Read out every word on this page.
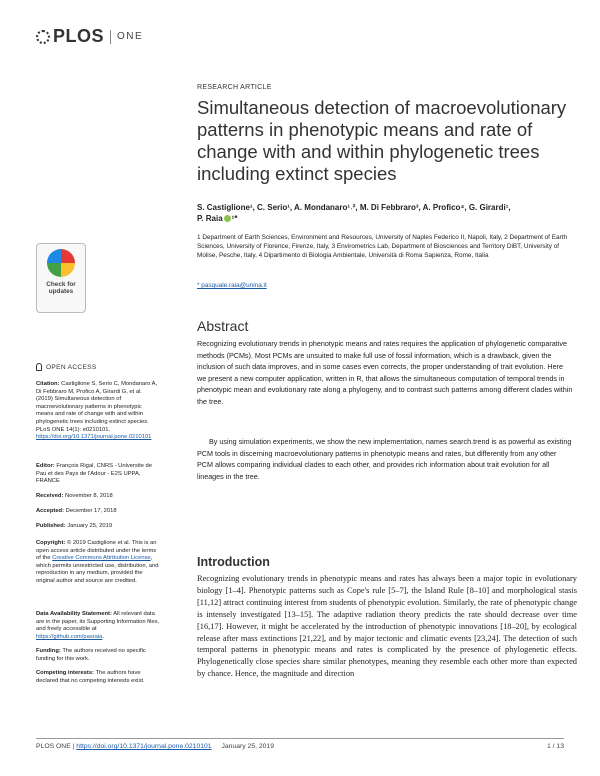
PLOS ONE
RESEARCH ARTICLE
Simultaneous detection of macroevolutionary patterns in phenotypic means and rate of change with and within phylogenetic trees including extinct species
S. Castiglione¹, C. Serio¹, A. Mondanaro¹˒², M. Di Febbraro³, A. Profico⁴, G. Girardi¹,
P. Raia ¹*
1 Department of Earth Sciences, Environment and Resources, University of Naples Federico II, Napoli, Italy, 2 Department of Earth Sciences, University of Florence, Firenze, Italy, 3 Envirometrics Lab, Department of Biosciences and Territory DiBT, University of Molise, Pesche, Italy, 4 Dipartimento di Biologia Ambientale, Università di Roma Sapienza, Rome, Italia
* pasquale.raia@unina.it
Check for updates
OPEN ACCESS
Citation: Castiglione S, Serio C, Mondanaro A, Di Febbraro M, Profico A, Girardi G, et al. (2019) Simultaneous detection of macroevolutionary patterns in phenotypic means and rate of change with and within phylogenetic trees including extinct species. PLoS ONE 14(1): e0210101. https://doi.org/10.1371/journal.pone.0210101
Editor: François Rigal, CNRS - Universite de Pau et des Pays de l'Adour - E2S UPPA, FRANCE
Received: November 8, 2018
Accepted: December 17, 2018
Published: January 25, 2019
Copyright: © 2019 Castiglione et al. This is an open access article distributed under the terms of the Creative Commons Attribution License, which permits unrestricted use, distribution, and reproduction in any medium, provided the original author and source are credited.
Data Availability Statement: All relevant data are in the paper, its Supporting Information files, and freely accessible at https://github.com/pasraia.
Funding: The authors received no specific funding for this work.
Competing interests: The authors have declared that no competing interests exist.
Abstract
Recognizing evolutionary trends in phenotypic means and rates requires the application of phylogenetic comparative methods (PCMs). Most PCMs are unsuited to make full use of fossil information, which is a drawback, given the inclusion of such data improves, and in some cases even corrects, the proper understanding of trait evolution. Here we present a new computer application, written in R, that allows the simultaneous computation of temporal trends in phenotypic mean and evolutionary rate along a phylogeny, and to contrast such patterns among different clades within the tree.
By using simulation experiments, we show the new implementation, names search.trend is as powerful as existing PCM tools in discerning macroevolutionary patterns in phenotypic means and rates, but differently from any other PCM allows comparing individual clades to each other, and provides rich information about trait evolution for all lineages in the tree.
Introduction
Recognizing evolutionary trends in phenotypic means and rates has always been a major topic in evolutionary biology [1–4]. Phenotypic patterns such as Cope's rule [5–7], the Island Rule [8–10] and morphological stasis [11,12] attract continuing interest from students of phenotypic evolution. Similarly, the rate of phenotypic change is intensely investigated [13–15]. The adaptive radiation theory predicts the rate should decrease over time [16,17]. However, it might be accelerated by the introduction of phenotypic innovations [18–20], by ecological release after mass extinctions [21,22], and by major tectonic and climatic events [23,24]. The detection of such temporal patterns in phenotypic means and rates is complicated by the presence of phylogenetic effects. Phylogenetically close species share similar phenotypes, meaning they resemble each other more than expected by chance. Hence, the magnitude and direction
PLOS ONE | https://doi.org/10.1371/journal.pone.0210101 January 25, 2019	1 / 13
